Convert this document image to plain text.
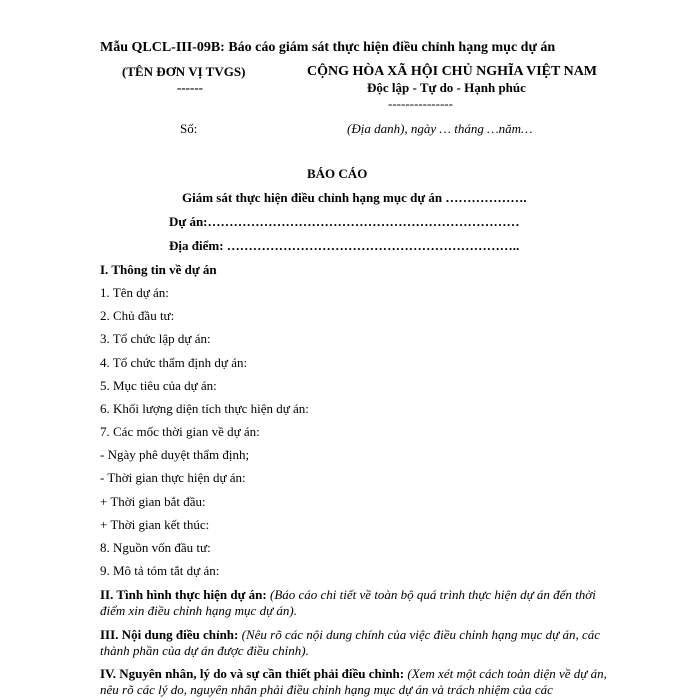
Mẫu QLCL-III-09B: Báo cáo giám sát thực hiện điều chỉnh hạng mục dự án
(TÊN ĐƠN VỊ TVGS)
------
CỘNG HÒA XÃ HỘI CHỦ NGHĨA VIỆT NAM
Độc lập - Tự do - Hạnh phúc
---------------
Số:	(Địa danh), ngày … tháng …năm…
BÁO CÁO
Giám sát thực hiện điều chỉnh hạng mục dự án ……………….
Dự án:………………………………………………………………
Địa điểm: …………………………………………………………..
I. Thông tin về dự án
1. Tên dự án:
2. Chủ đầu tư:
3. Tổ chức lập dự án:
4. Tổ chức thẩm định dự án:
5. Mục tiêu của dự án:
6. Khối lượng diện tích thực hiện dự án:
7. Các mốc thời gian về dự án:
- Ngày phê duyệt thẩm định;
- Thời gian thực hiện dự án:
+ Thời gian bắt đầu:
+ Thời gian kết thúc:
8. Nguồn vốn đầu tư:
9. Mô tả tóm tắt dự án:
II. Tình hình thực hiện dự án: (Báo cáo chi tiết về toàn bộ quá trình thực hiện dự án đến thời điểm xin điều chỉnh hạng mục dự án).
III. Nội dung điều chỉnh: (Nêu rõ các nội dung chính của việc điều chỉnh hạng mục dự án, các thành phần của dự án được điều chỉnh).
IV. Nguyên nhân, lý do và sự cần thiết phải điều chỉnh: (Xem xét một cách toàn diện về dự án, nêu rõ các lý do, nguyên nhân phải điều chỉnh hạng mục dự án và trách nhiệm của các
